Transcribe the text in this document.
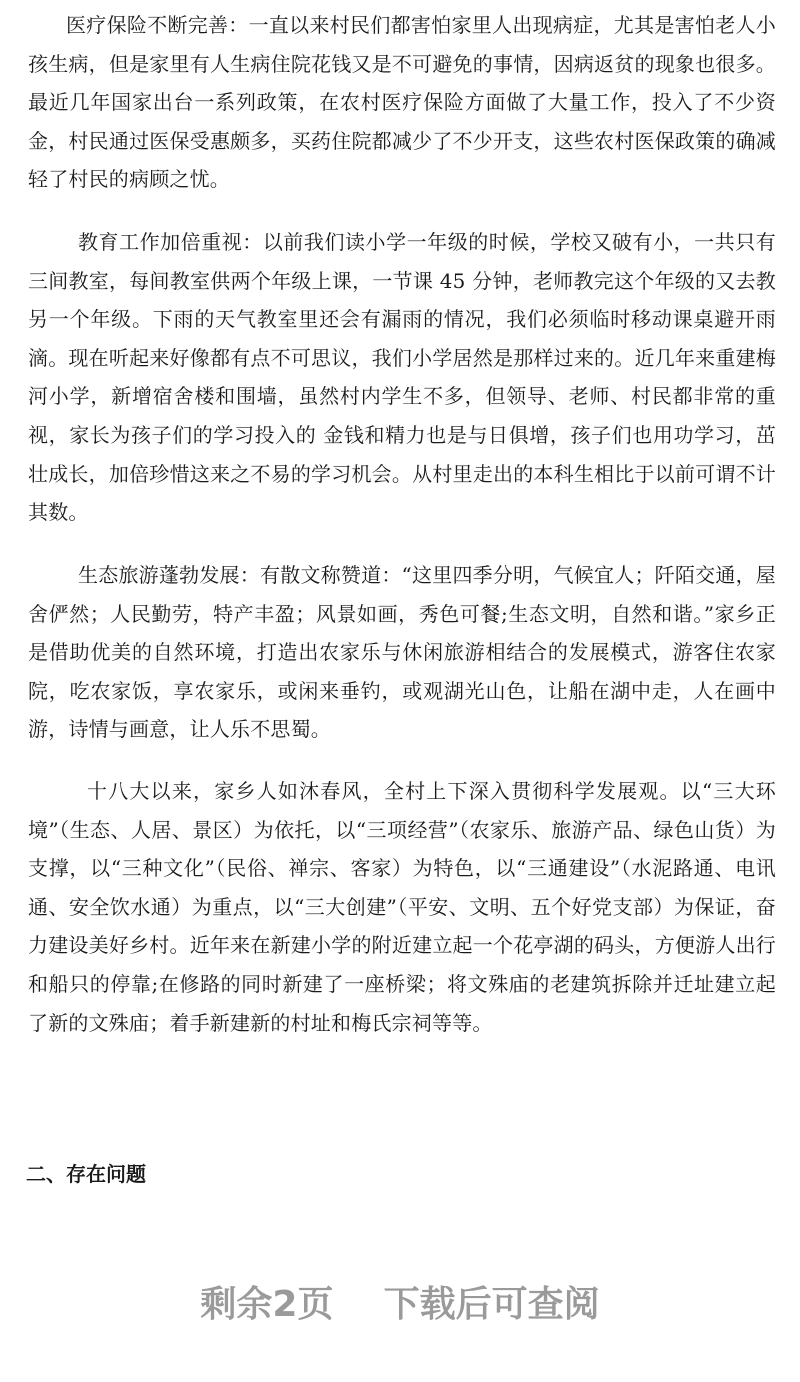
医疗保险不断完善：一直以来村民们都害怕家里人出现病症，尤其是害怕老人小孩生病，但是家里有人生病住院花钱又是不可避免的事情，因病返贫的现象也很多。最近几年国家出台一系列政策，在农村医疗保险方面做了大量工作，投入了不少资金，村民通过医保受惠颇多，买药住院都减少了不少开支，这些农村医保政策的确减轻了村民的病顾之忧。

教育工作加倍重视：以前我们读小学一年级的时候，学校又破有小，一共只有三间教室，每间教室供两个年级上课，一节课 45 分钟，老师教完这个年级的又去教另一个年级。下雨的天气教室里还会有漏雨的情况，我们必须临时移动课桌避开雨滴。现在听起来好像都有点不可思议，我们小学居然是那样过来的。近几年来重建梅河小学，新增宿舍楼和围墙，虽然村内学生不多，但领导、老师、村民都非常的重视，家长为孩子们的学习投入的 金钱和精力也是与日俱增，孩子们也用功学习，茁壮成长，加倍珍惜这来之不易的学习机会。从村里走出的本科生相比于以前可谓不计其数。

生态旅游蓬勃发展：有散文称赞道：“这里四季分明，气候宜人；阡陌交通，屋舍俨然；人民勤劳，特产丰盈；风景如画，秀色可餐;生态文明，自然和谐。”家乡正是借助优美的自然环境，打造出农家乐与休闲旅游相结合的发展模式，游客住农家院，吃农家饭，享农家乐，或闲来垂钓，或观湖光山色，让船在湖中走，人在画中游，诗情与画意，让人乐不思蜀。

十八大以来，家乡人如沐春风，全村上下深入贯彻科学发展观。以“三大环境”（生态、人居、景区）为依托，以“三项经营”（农家乐、旅游产品、绿色山货）为支撑，以“三种文化”（民俗、禅宗、客家）为特色，以“三通建设”（水泥路通、电讯通、安全饮水通）为重点，以“三大创建”（平安、文明、五个好党支部）为保证，奋力建设美好乡村。近年来在新建小学的附近建立起一个花亭湖的码头，方便游人出行和船只的停靠;在修路的同时新建了一座桥梁；将文殊庙的老建筑拆除并迁址建立起了新的文殊庙；着手新建新的村址和梅氏宗祠等等。

二、存在问题
剩余2页    下载后可查阅
